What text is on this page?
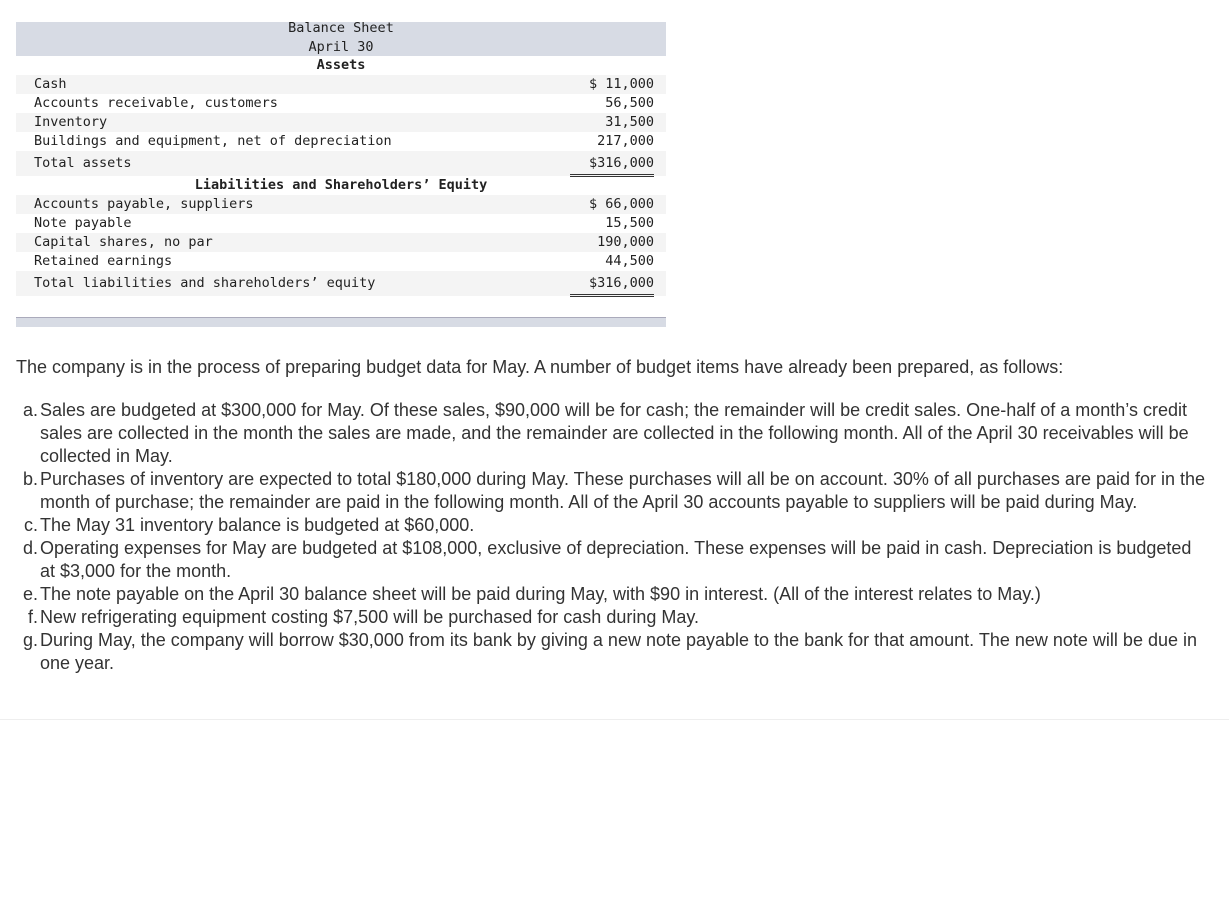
Balance Sheet
April 30
Assets
Cash	$ 11,000
Accounts receivable, customers	56,500
Inventory	31,500
Buildings and equipment, net of depreciation	217,000
Total assets	$316,000
Liabilities and Shareholders’ Equity
Accounts payable, suppliers	$ 66,000
Note payable	15,500
Capital shares, no par	190,000
Retained earnings	44,500
Total liabilities and shareholders’ equity	$316,000

The company is in the process of preparing budget data for May. A number of budget items have already been prepared, as follows:

a. Sales are budgeted at $300,000 for May. Of these sales, $90,000 will be for cash; the remainder will be credit sales. One-half of a month’s credit sales are collected in the month the sales are made, and the remainder are collected in the following month. All of the April 30 receivables will be collected in May.
b. Purchases of inventory are expected to total $180,000 during May. These purchases will all be on account. 30% of all purchases are paid for in the month of purchase; the remainder are paid in the following month. All of the April 30 accounts payable to suppliers will be paid during May.
c. The May 31 inventory balance is budgeted at $60,000.
d. Operating expenses for May are budgeted at $108,000, exclusive of depreciation. These expenses will be paid in cash. Depreciation is budgeted at $3,000 for the month.
e. The note payable on the April 30 balance sheet will be paid during May, with $90 in interest. (All of the interest relates to May.)
f. New refrigerating equipment costing $7,500 will be purchased for cash during May.
g. During May, the company will borrow $30,000 from its bank by giving a new note payable to the bank for that amount. The new note will be due in one year.
